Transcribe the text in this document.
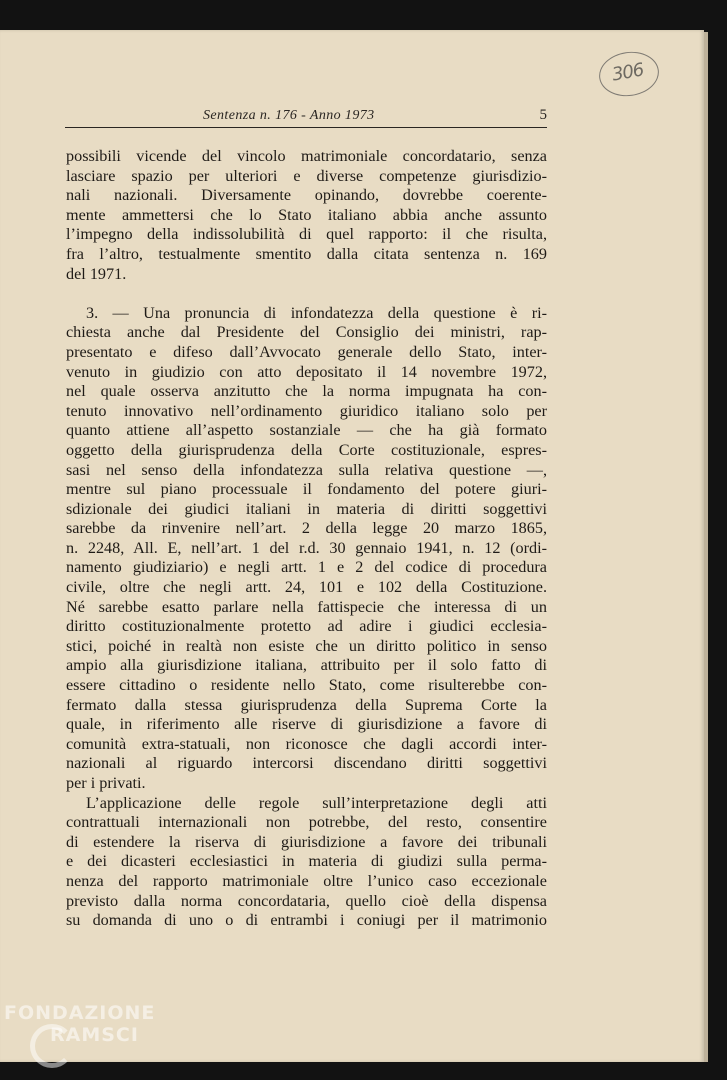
306
Sentenza n. 176 - Anno 1973	5
possibili vicende del vincolo matrimoniale concordatario, senza
lasciare spazio per ulteriori e diverse competenze giurisdizio-
nali nazionali. Diversamente opinando, dovrebbe coerente-
mente ammettersi che lo Stato italiano abbia anche assunto
l’impegno della indissolubilità di quel rapporto: il che risulta,
fra l’altro, testualmente smentito dalla citata sentenza n. 169
del 1971.
3. — Una pronuncia di infondatezza della questione è ri-
chiesta anche dal Presidente del Consiglio dei ministri, rap-
presentato e difeso dall’Avvocato generale dello Stato, inter-
venuto in giudizio con atto depositato il 14 novembre 1972,
nel quale osserva anzitutto che la norma impugnata ha con-
tenuto innovativo nell’ordinamento giuridico italiano solo per
quanto attiene all’aspetto sostanziale — che ha già formato
oggetto della giurisprudenza della Corte costituzionale, espres-
sasi nel senso della infondatezza sulla relativa questione —,
mentre sul piano processuale il fondamento del potere giuri-
sdizionale dei giudici italiani in materia di diritti soggettivi
sarebbe da rinvenire nell’art. 2 della legge 20 marzo 1865,
n. 2248, All. E, nell’art. 1 del r.d. 30 gennaio 1941, n. 12 (ordi-
namento giudiziario) e negli artt. 1 e 2 del codice di procedura
civile, oltre che negli artt. 24, 101 e 102 della Costituzione.
Né sarebbe esatto parlare nella fattispecie che interessa di un
diritto costituzionalmente protetto ad adire i giudici ecclesia-
stici, poiché in realtà non esiste che un diritto politico in senso
ampio alla giurisdizione italiana, attribuito per il solo fatto di
essere cittadino o residente nello Stato, come risulterebbe con-
fermato dalla stessa giurisprudenza della Suprema Corte la
quale, in riferimento alle riserve di giurisdizione a favore di
comunità extra-statuali, non riconosce che dagli accordi inter-
nazionali al riguardo intercorsi discendano diritti soggettivi
per i privati.
L’applicazione delle regole sull’interpretazione degli atti
contrattuali internazionali non potrebbe, del resto, consentire
di estendere la riserva di giurisdizione a favore dei tribunali
e dei dicasteri ecclesiastici in materia di giudizi sulla perma-
nenza del rapporto matrimoniale oltre l’unico caso eccezionale
previsto dalla norma concordataria, quello cioè della dispensa
su domanda di uno o di entrambi i coniugi per il matrimonio
FONDAZIONE
RAMSCI
